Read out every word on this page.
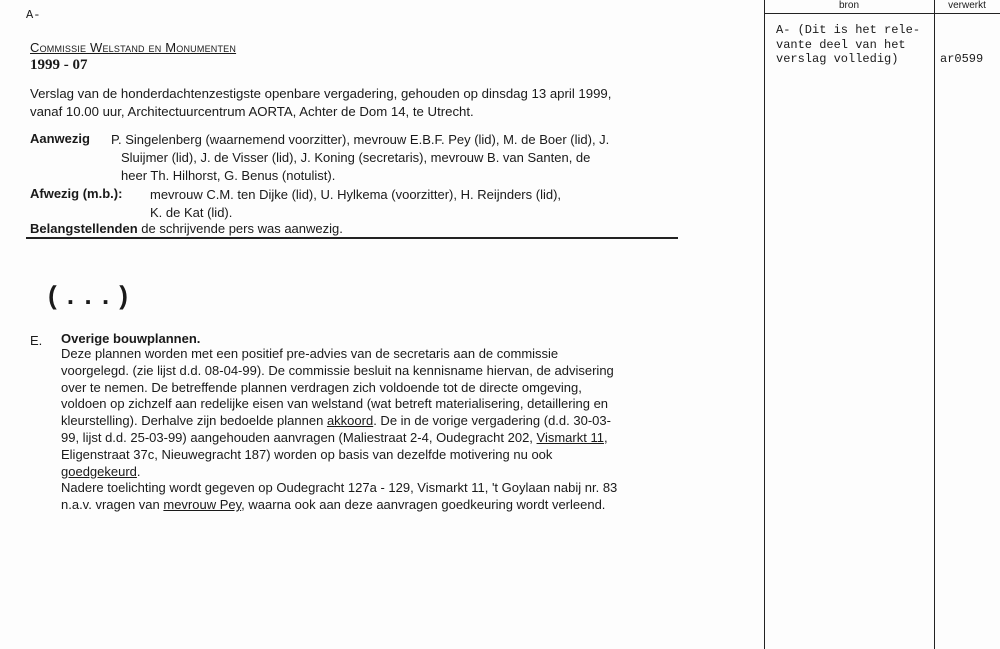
A-
Commissie Welstand en Monumenten
1999 - 07

Verslag van de honderdachtenzestigste openbare vergadering, gehouden op dinsdag 13 april 1999,

vanaf 10.00 uur, Architectuurcentrum AORTA, Achter de Dom 14, te Utrecht.

Aanwezig P. Singelenberg (waarnemend voorzitter), mevrouw E.B.F. Pey (lid), M. de Boer (lid), J.

Sluijmer (lid), J. de Visser (lid), J. Koning (secretaris), mevrouw B. van Santen, de

heer Th. Hilhorst, G. Benus (notulist).

Afwezig (m.b.): mevrouw C.M. ten Dijke (lid), U. Hylkema (voorzitter), H. Reijnders (lid),

K. de Kat (lid).

Belangstellenden de schrijvende pers was aanwezig.
(...)
E. Overige bouwplannen.

Deze plannen worden met een positief pre-advies van de secretaris aan de commissie

voorgelegd. (zie lijst d.d. 08-04-99). De commissie besluit na kennisname hiervan, de advisering

over te nemen. De betreffende plannen verdragen zich voldoende tot de directe omgeving,

voldoen op zichzelf aan redelijke eisen van welstand (wat betreft materialisering, detaillering en

kleurstelling). Derhalve zijn bedoelde plannen akkoord. De in de vorige vergadering (d.d. 30-03-

99, lijst d.d. 25-03-99) aangehouden aanvragen (Maliestraat 2-4, Oudegracht 202, Vismarkt 11,

Eligenstraat 37c, Nieuwegracht 187) worden op basis van dezelfde motivering nu ook

goedgekeurd.

Nadere toelichting wordt gegeven op Oudegracht 127a - 129, Vismarkt 11, 't Goylaan nabij nr. 83

n.a.v. vragen van mevrouw Pey, waarna ook aan deze aanvragen goedkeuring wordt verleend.

bron	verwerkt

A- (Dit is het rele-

vante deel van het

verslag volledig)	ar0599
